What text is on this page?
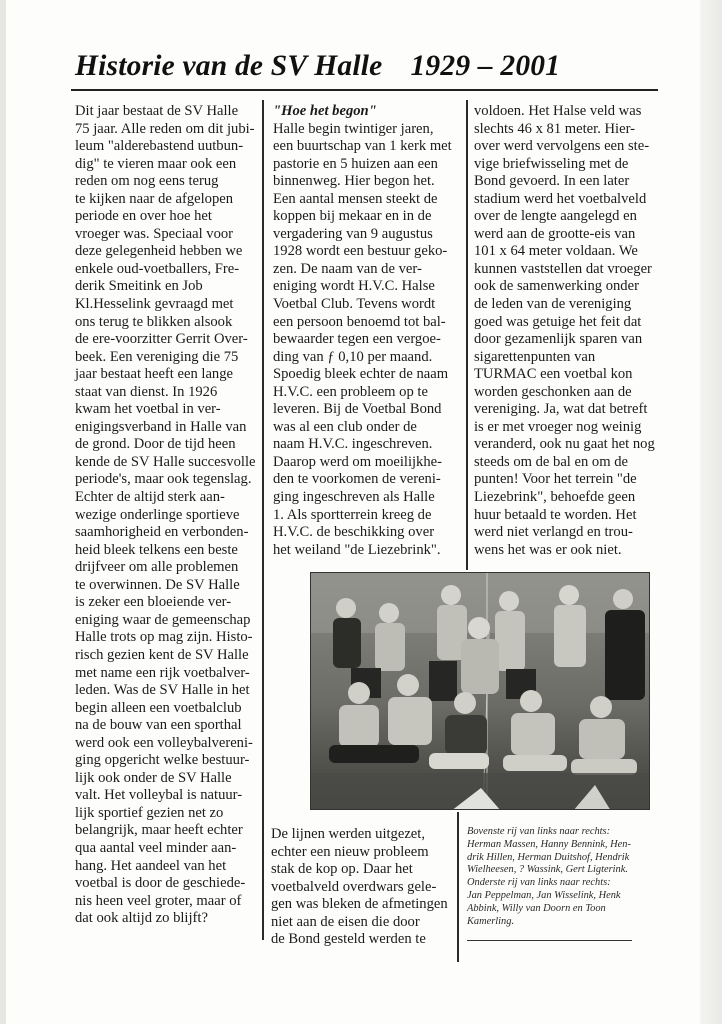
Historie van de SV Halle 1929 – 2001
Dit jaar bestaat de SV Halle
75 jaar. Alle reden om dit jubi-
leum "alderebastend uutbun-
dig" te vieren maar ook een
reden om nog eens terug
te kijken naar de afgelopen
periode en over hoe het
vroeger was. Speciaal voor
deze gelegenheid hebben we
enkele oud-voetballers, Fre-
derik Smeitink en Job
Kl.Hesselink gevraagd met
ons terug te blikken alsook
de ere-voorzitter Gerrit Over-
beek. Een vereniging die 75
jaar bestaat heeft een lange
staat van dienst. In 1926
kwam het voetbal in ver-
enigingsverband in Halle van
de grond. Door de tijd heen
kende de SV Halle succesvolle
periode's, maar ook tegenslag.
Echter de altijd sterk aan-
wezige onderlinge sportieve
saamhorigheid en verbonden-
heid bleek telkens een beste
drijfveer om alle problemen
te overwinnen. De SV Halle
is zeker een bloeiende ver-
eniging waar de gemeenschap
Halle trots op mag zijn. Histo-
risch gezien kent de SV Halle
met name een rijk voetbalver-
leden. Was de SV Halle in het
begin alleen een voetbalclub
na de bouw van een sporthal
werd ook een volleybalvereni-
ging opgericht welke bestuur-
lijk ook onder de SV Halle
valt. Het volleybal is natuur-
lijk sportief gezien net zo
belangrijk, maar heeft echter
qua aantal veel minder aan-
hang. Het aandeel van het
voetbal is door de geschiede-
nis heen veel groter, maar of
dat ook altijd zo blijft?
"Hoe het begon"
Halle begin twintiger jaren,
een buurtschap van 1 kerk met
pastorie en 5 huizen aan een
binnenweg. Hier begon het.
Een aantal mensen steekt de
koppen bij mekaar en in de
vergadering van 9 augustus
1928 wordt een bestuur geko-
zen. De naam van de ver-
eniging wordt H.V.C. Halse
Voetbal Club. Tevens wordt
een persoon benoemd tot bal-
bewaarder tegen een vergoe-
ding van ƒ 0,10 per maand.
Spoedig bleek echter de naam
H.V.C. een probleem op te
leveren. Bij de Voetbal Bond
was al een club onder de
naam H.V.C. ingeschreven.
Daarop werd om moeilijkhe-
den te voorkomen de vereni-
ging ingeschreven als Halle
1. Als sportterrein kreeg de
H.V.C. de beschikking over
het weiland "de Liezebrink".
voldoen. Het Halse veld was
slechts 46 x 81 meter. Hier-
over werd vervolgens een ste-
vige briefwisseling met de
Bond gevoerd. In een later
stadium werd het voetbalveld
over de lengte aangelegd en
werd aan de grootte-eis van
101 x 64 meter voldaan. We
kunnen vaststellen dat vroeger
ook de samenwerking onder
de leden van de vereniging
goed was getuige het feit dat
door gezamenlijk sparen van
sigarettenpunten van
TURMAC een voetbal kon
worden geschonken aan de
vereniging. Ja, wat dat betreft
is er met vroeger nog weinig
veranderd, ook nu gaat het nog
steeds om de bal en om de
punten! Voor het terrein "de
Liezebrink", behoefde geen
huur betaald te worden. Het
werd niet verlangd en trou-
wens het was er ook niet.
De lijnen werden uitgezet,
echter een nieuw probleem
stak de kop op. Daar het
voetbalveld overdwars gele-
gen was bleken de afmetingen
niet aan de eisen die door
de Bond gesteld werden te
Bovenste rij van links naar rechts:
Herman Massen, Hanny Bennink, Hen-
drik Hillen, Herman Duitshof, Hendrik
Wielheesen, ? Wassink, Gert Ligterink.
Onderste rij van links naar rechts:
Jan Peppelman, Jan Wisselink, Henk
Abbink, Willy van Doorn en Toon
Kamerling.
